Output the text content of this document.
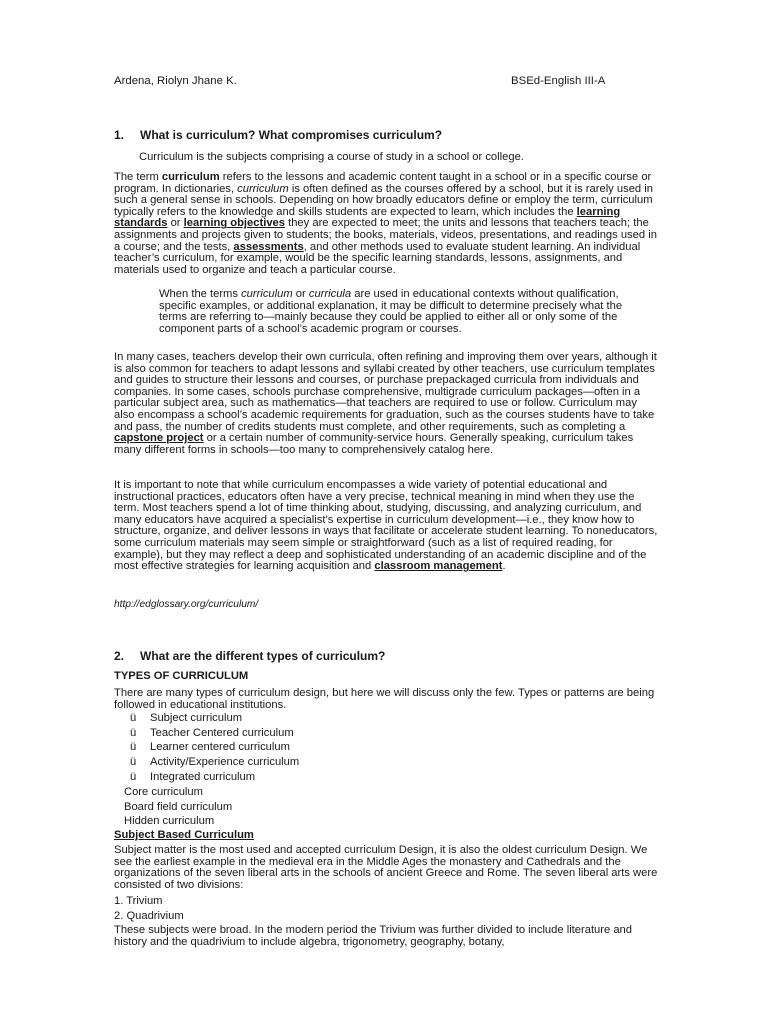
Ardena, Riolyn Jhane K.	BSEd-English III-A
1. What is curriculum? What compromises curriculum?

Curriculum is the subjects comprising a course of study in a school or college.

The term curriculum refers to the lessons and academic content taught in a school or in a specific course or program. In dictionaries, curriculum is often defined as the courses offered by a school, but it is rarely used in such a general sense in schools. Depending on how broadly educators define or employ the term, curriculum typically refers to the knowledge and skills students are expected to learn, which includes the learning standards or learning objectives they are expected to meet; the units and lessons that teachers teach; the assignments and projects given to students; the books, materials, videos, presentations, and readings used in a course; and the tests, assessments, and other methods used to evaluate student learning. An individual teacher’s curriculum, for example, would be the specific learning standards, lessons, assignments, and materials used to organize and teach a particular course.

When the terms curriculum or curricula are used in educational contexts without qualification, specific examples, or additional explanation, it may be difficult to determine precisely what the terms are referring to—mainly because they could be applied to either all or only some of the component parts of a school’s academic program or courses.

In many cases, teachers develop their own curricula, often refining and improving them over years, although it is also common for teachers to adapt lessons and syllabi created by other teachers, use curriculum templates and guides to structure their lessons and courses, or purchase prepackaged curricula from individuals and companies. In some cases, schools purchase comprehensive, multigrade curriculum packages—often in a particular subject area, such as mathematics—that teachers are required to use or follow. Curriculum may also encompass a school’s academic requirements for graduation, such as the courses students have to take and pass, the number of credits students must complete, and other requirements, such as completing a capstone project or a certain number of community-service hours. Generally speaking, curriculum takes many different forms in schools—too many to comprehensively catalog here.

It is important to note that while curriculum encompasses a wide variety of potential educational and instructional practices, educators often have a very precise, technical meaning in mind when they use the term. Most teachers spend a lot of time thinking about, studying, discussing, and analyzing curriculum, and many educators have acquired a specialist’s expertise in curriculum development—i.e., they know how to structure, organize, and deliver lessons in ways that facilitate or accelerate student learning. To noneducators, some curriculum materials may seem simple or straightforward (such as a list of required reading, for example), but they may reflect a deep and sophisticated understanding of an academic discipline and of the most effective strategies for learning acquisition and classroom management.

http://edglossary.org/curriculum/
2. What are the different types of curriculum?
TYPES OF CURRICULUM

There are many types of curriculum design, but here we will discuss only the few. Types or patterns are being followed in educational institutions.

ü Subject curriculum
ü Teacher Centered curriculum
ü Learner centered curriculum
ü Activity/Experience curriculum
ü Integrated curriculum
Core curriculum
Board field curriculum
Hidden curriculum
Subject Based Curriculum

Subject matter is the most used and accepted curriculum Design, it is also the oldest curriculum Design. We see the earliest example in the medieval era in the Middle Ages the monastery and Cathedrals and the organizations of the seven liberal arts in the schools of ancient Greece and Rome. The seven liberal arts were consisted of two divisions:

1. Trivium
2. Quadrivium

These subjects were broad. In the modern period the Trivium was further divided to include literature and history and the quadrivium to include algebra, trigonometry, geography, botany,
